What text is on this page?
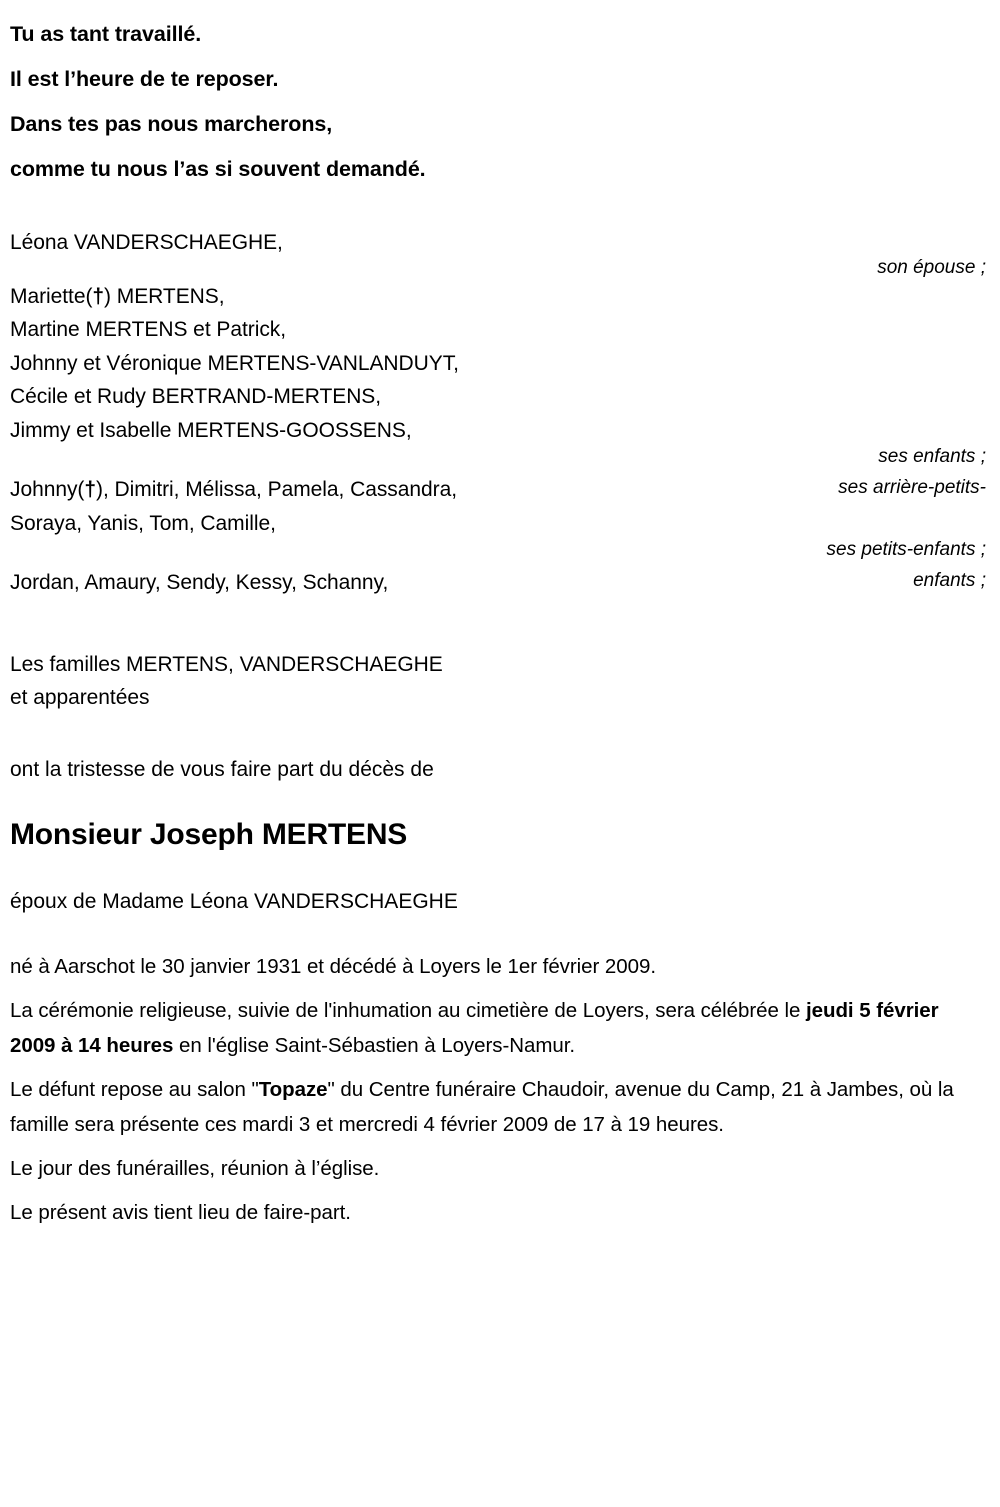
Tu as tant travaillé.
Il est l’heure de te reposer.
Dans tes pas nous marcherons,
comme tu nous l’as si souvent demandé.
Léona VANDERSCHAEGHE,
son épouse ;
Mariette(†) MERTENS,
Martine MERTENS et Patrick,
Johnny et Véronique MERTENS-VANLANDUYT,
Cécile et Rudy BERTRAND-MERTENS,
Jimmy et Isabelle MERTENS-GOOSSENS,
ses enfants ;
Johnny(†), Dimitri, Mélissa, Pamela, Cassandra,
Soraya, Yanis, Tom, Camille,
ses petits-enfants ;
Jordan, Amaury, Sendy, Kessy, Schanny,

ses arrière-petits-

enfants ;

Les familles MERTENS, VANDERSCHAEGHE
et apparentées
ont la tristesse de vous faire part du décès de
Monsieur Joseph MERTENS
époux de Madame Léona VANDERSCHAEGHE

né à Aarschot le 30 janvier 1931 et décédé à Loyers le 1er février 2009.

La cérémonie religieuse, suivie de l'inhumation au cimetière de Loyers, sera célébrée le jeudi 5 février 2009 à 14 heures en l'église Saint-Sébastien à Loyers-Namur.

Le défunt repose au salon "Topaze" du Centre funéraire Chaudoir, avenue du Camp, 21 à Jambes, où la famille sera présente ces mardi 3 et mercredi 4 février 2009 de 17 à 19 heures.

Le jour des funérailles, réunion à l’église.

Le présent avis tient lieu de faire-part.
